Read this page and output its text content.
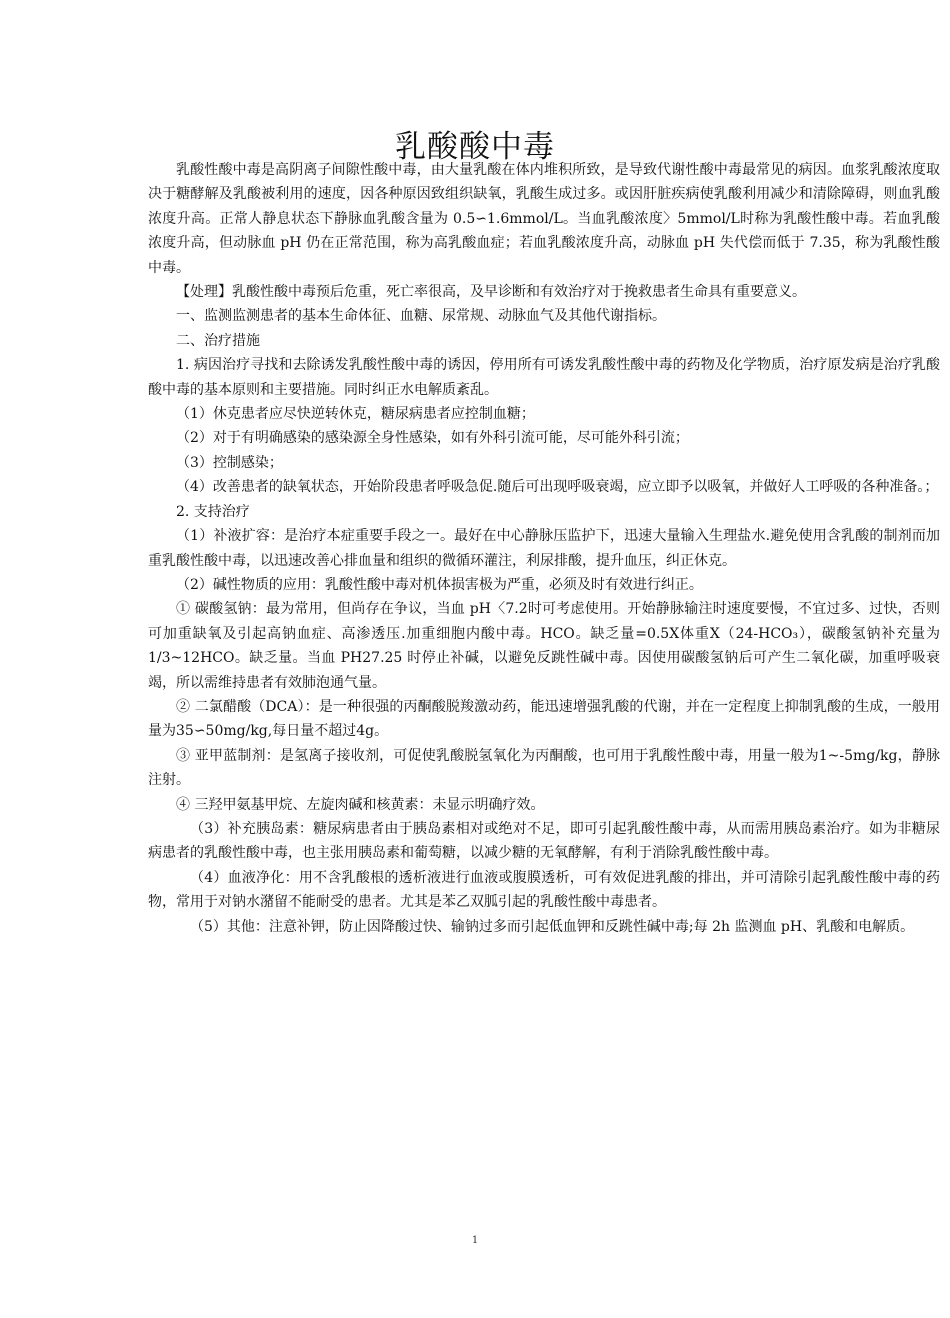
乳酸酸中毒

乳酸性酸中毒是高阴离子间隙性酸中毒，由大量乳酸在体内堆积所致，是导致代谢性酸中毒最常见的病因。血浆乳酸浓度取决于糖酵解及乳酸被利用的速度，因各种原因致组织缺氧，乳酸生成过多。或因肝脏疾病使乳酸利用减少和清除障碍，则血乳酸浓度升高。正常人静息状态下静脉血乳酸含量为 0.5∽1.6mmol/L。当血乳酸浓度〉5mmol/L时称为乳酸性酸中毒。若血乳酸浓度升高，但动脉血 pH 仍在正常范围，称为高乳酸血症；若血乳酸浓度升高，动脉血 pH 失代偿而低于 7.35，称为乳酸性酸中毒。

【处理】乳酸性酸中毒预后危重，死亡率很高，及早诊断和有效治疗对于挽救患者生命具有重要意义。

一、监测监测患者的基本生命体征、血糖、尿常规、动脉血气及其他代谢指标。

二、治疗措施

1. 病因治疗寻找和去除诱发乳酸性酸中毒的诱因，停用所有可诱发乳酸性酸中毒的药物及化学物质，治疗原发病是治疗乳酸酸中毒的基本原则和主要措施。同时纠正水电解质紊乱。

（1）休克患者应尽快逆转休克，糖尿病患者应控制血糖；

（2）对于有明确感染的感染源全身性感染，如有外科引流可能，尽可能外科引流；

（3）控制感染；

（4）改善患者的缺氧状态，开始阶段患者呼吸急促.随后可出现呼吸衰竭，应立即予以吸氧，并做好人工呼吸的各种准备。；

2. 支持治疗

（1）补液扩容：是治疗本症重要手段之一。最好在中心静脉压监护下，迅速大量输入生理盐水.避免使用含乳酸的制剂而加重乳酸性酸中毒，以迅速改善心排血量和组织的微循环灌注，利尿排酸，提升血压，纠正休克。

（2）碱性物质的应用：乳酸性酸中毒对机体损害极为严重，必须及时有效进行纠正。

① 碳酸氢钠：最为常用，但尚存在争议，当血 pH〈7.2时可考虑使用。开始静脉输注时速度要慢，不宜过多、过快，否则可加重缺氧及引起高钠血症、高渗透压.加重细胞内酸中毒。HCO。缺乏量=0.5X体重X（24-HCO₃），碳酸氢钠补充量为 1/3~12HCO。缺乏量。当血 PH27.25 时停止补碱，以避免反跳性碱中毒。因使用碳酸氢钠后可产生二氧化碳，加重呼吸衰竭，所以需维持患者有效肺泡通气量。

② 二氯醋酸（DCA）：是一种很强的丙酮酸脱羧激动药，能迅速增强乳酸的代谢，并在一定程度上抑制乳酸的生成，一般用量为35∽50mg/kg,每日量不超过4g。

③ 亚甲蓝制剂：是氢离子接收剂，可促使乳酸脱氢氧化为丙酮酸，也可用于乳酸性酸中毒，用量一般为1~-5mg/kg，静脉注射。

④ 三羟甲氨基甲烷、左旋肉碱和核黄素：未显示明确疗效。

（3）补充胰岛素：糖尿病患者由于胰岛素相对或绝对不足，即可引起乳酸性酸中毒，从而需用胰岛素治疗。如为非糖尿病患者的乳酸性酸中毒，也主张用胰岛素和葡萄糖，以减少糖的无氧酵解，有利于消除乳酸性酸中毒。

（4）血液净化：用不含乳酸根的透析液进行血液或腹膜透析，可有效促进乳酸的排出，并可清除引起乳酸性酸中毒的药物，常用于对钠水潴留不能耐受的患者。尤其是苯乙双胍引起的乳酸性酸中毒患者。

（5）其他：注意补钾，防止因降酸过快、输钠过多而引起低血钾和反跳性碱中毒;每 2h 监测血 pH、乳酸和电解质。

1
